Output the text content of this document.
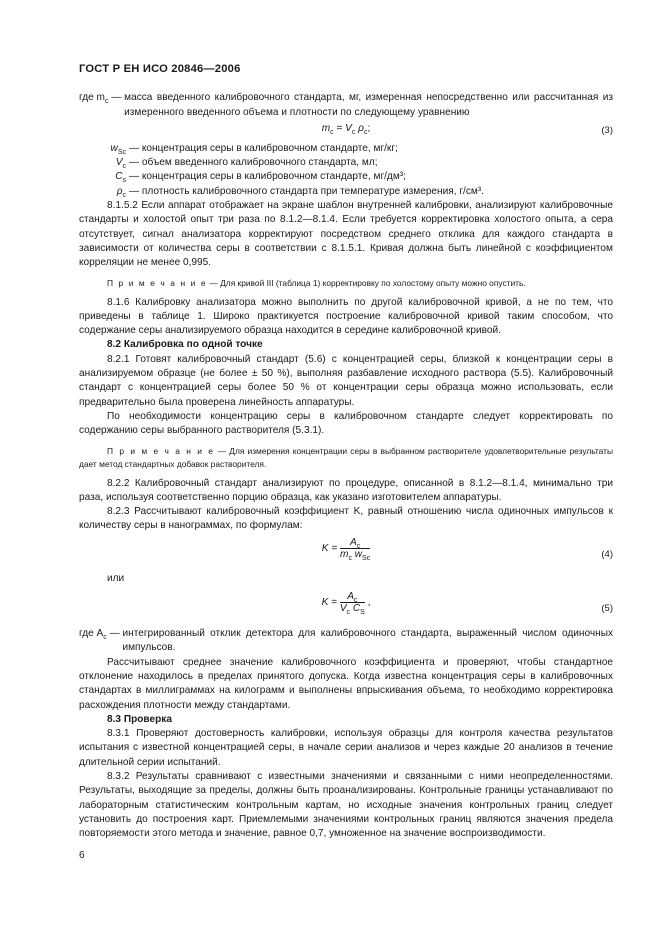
ГОСТ Р ЕН ИСО 20846—2006
где $m_c$ — масса введенного калибровочного стандарта, мг, измеренная непосредственно или рассчитанная из измеренного введенного объема и плотности по следующему уравнению
$m_c = V_c$ $\rho_c$;	(3)
$w_{Sc}$ — концентрация серы в калибровочном стандарте, мг/кг;
$V_c$ — объем введенного калибровочного стандарта, мл;
$C_s$ — концентрация серы в калибровочном стандарте, мг/дм³;
$\rho_c$ — плотность калибровочного стандарта при температуре измерения, г/см³.

8.1.5.2 Если аппарат отображает на экране шаблон внутренней калибровки, анализируют калибровочные стандарты и холостой опыт три раза по 8.1.2—8.1.4. Если требуется корректировка холостого опыта, а сера отсутствует, сигнал анализатора корректируют посредством среднего отклика для каждого стандарта в зависимости от количества серы в соответствии с 8.1.5.1. Кривая должна быть линейной с коэффициентом корреляции не менее 0,995.

П р и м е ч а н и е — Для кривой III (таблица 1) корректировку по холостому опыту можно опустить.

8.1.6 Калибровку анализатора можно выполнить по другой калибровочной кривой, а не по тем, что приведены в таблице 1. Широко практикуется построение калибровочной кривой таким способом, что содержание серы анализируемого образца находится в середине калибровочной кривой.

8.2 Калибровка по одной точке

8.2.1 Готовят калибровочный стандарт (5.6) с концентрацией серы, близкой к концентрации серы в анализируемом образце (не более ± 50 %), выполняя разбавление исходного раствора (5.5). Калибровочный стандарт с концентрацией серы более 50 % от концентрации серы образца можно использовать, если предварительно была проверена линейность аппаратуры.

По необходимости концентрацию серы в калибровочном стандарте следует корректировать по содержанию серы выбранного растворителя (5.3.1).

П р и м е ч а н и е — Для измерения концентрации серы в выбранном растворителе удовлетворительные результаты дает метод стандартных добавок растворителя.

8.2.2 Калибровочный стандарт анализируют по процедуре, описанной в 8.1.2—8.1.4, минимально три раза, используя соответственно порцию образца, как указано изготовителем аппаратуры.

8.2.3 Рассчитывают калибровочный коэффициент K, равный отношению числа одиночных импульсов к количеству серы в нанограммах, по формулам:

$K = \frac{A_c}{m_c w_{Sc}}$	(4)

или

$K = \frac{A_c}{V_c C_S}$ ,
(5)
где $A_c$ — интегрированный отклик детектора для калибровочного стандарта, выраженный числом одиночных импульсов.

Рассчитывают среднее значение калибровочного коэффициента и проверяют, чтобы стандартное отклонение находилось в пределах принятого допуска. Когда известна концентрация серы в калибровочных стандартах в миллиграммах на килограмм и выполнены впрыскивания объема, то необходимо корректировка расхождения плотности между стандартами.

8.3 Проверка

8.3.1 Проверяют достоверность калибровки, используя образцы для контроля качества результатов испытания с известной концентрацией серы, в начале серии анализов и через каждые 20 анализов в течение длительной серии испытаний.

8.3.2 Результаты сравнивают с известными значениями и связанными с ними неопределенностями. Результаты, выходящие за пределы, должны быть проанализированы. Контрольные границы устанавливают по лабораторным статистическим контрольным картам, но исходные значения контрольных границ следует установить до построения карт. Приемлемыми значениями контрольных границ являются значения предела повторяемости этого метода и значение, равное 0,7, умноженное на значение воспроизводимости.

6
